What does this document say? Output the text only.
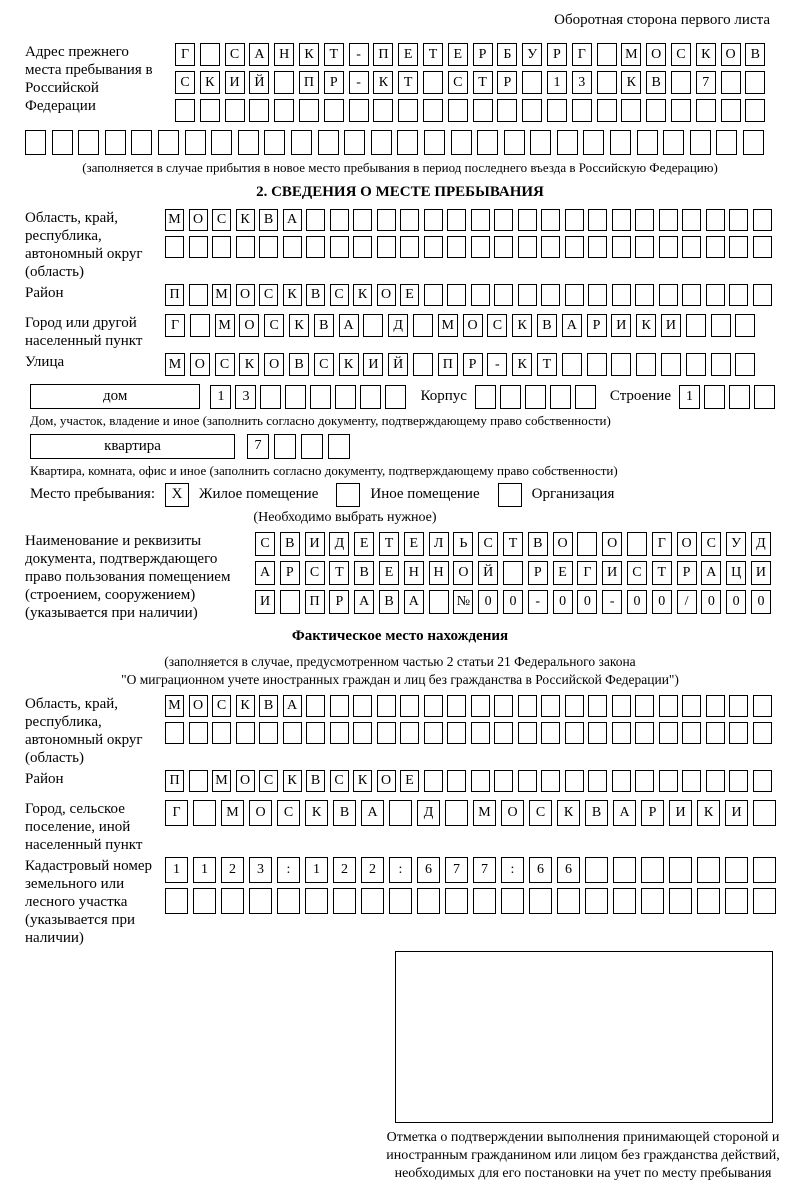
Оборотная сторона первого листа
Адрес прежнего места пребывания в Российской Федерации
Г	С	А	Н	К	Т	-	П	Е	Т	Е	Р	Б	У	Р	Г	М О	С	К	О	В
С	К	И	Й	П	Р	-	К	Т	С	Т	Р	1	3	К	В	7
(заполняется в случае прибытия в новое место пребывания в период последнего въезда в Российскую Федерацию)
2. СВЕДЕНИЯ О МЕСТЕ ПРЕБЫВАНИЯ
Область, край, республика, автономный округ (область)
М О С	К	В А
Район	П	М О С	К	В	С	К О	Е
Город или другой населенный пункт
Г	М О	С	К	В	А	Д	М О	С	К	В	А	Р	И	К	И
Улица	М О	С	К	О	В	С	К	И	Й	П	Р	-	К	Т
дом	1	3	Корпус	Строение	1
Дом, участок, владение и иное (заполнить согласно документу, подтверждающему право собственности)
квартира	7
Квартира, комната, офис и иное (заполнить согласно документу, подтверждающему право собственности)
Место пребывания:	X	Жилое помещение	Иное помещение	Организация
(Необходимо выбрать нужное)
Наименование и реквизиты документа, подтверждающего право пользования помещением (строением, сооружением) (указывается при наличии)
С	В	И	Д	Е	Т	Е	Л	Ь	С	Т	В	О	О	Г	О	С	У	Д
А	Р	С	Т	В	Е	Н	Н	О	Й	Р	Е	Г	И	С	Т	Р	А	Ц	И
И	П	Р	А	В	А	№	0	0	-	0	0	-	0	0	/	0	0	0
Фактическое место нахождения
(заполняется в случае, предусмотренном частью 2 статьи 21 Федерального закона
"О миграционном учете иностранных граждан и лиц без гражданства в Российской Федерации")
Область, край, республика, автономный округ (область)
М О С	К	В А
Район	П	М О С	К	В	С	К О	Е
Город, сельское поселение, иной населенный пункт
Г	М	О	С	К	В	А	Д	М	О	С	К	В	А	Р	И	К	И
Кадастровый номер земельного или лесного участка (указывается при наличии)
1	1	2	3	:	1	2	2	:	6	7	7	:	6	6
Отметка о подтверждении выполнения принимающей стороной и иностранным гражданином или лицом без гражданства действий, необходимых для его постановки на учет по месту пребывания
